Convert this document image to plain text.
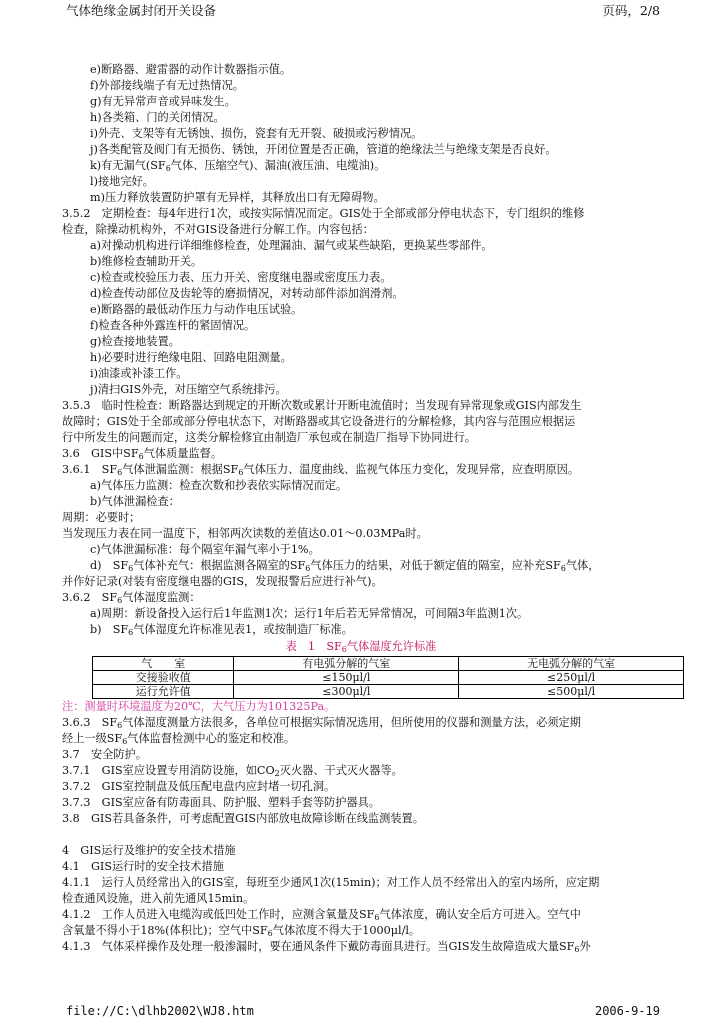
气体绝缘金属封闭开关设备	页码，2/8
e)断路器、避雷器的动作计数器指示值。
f)外部接线端子有无过热情况。
g)有无异常声音或异味发生。
h)各类箱、门的关闭情况。
i)外壳、支架等有无锈蚀、损伤，瓷套有无开裂、破损或污秽情况。
j)各类配管及阀门有无损伤、锈蚀，开闭位置是否正确，管道的绝缘法兰与绝缘支架是否良好。
k)有无漏气($SF_6$气体、压缩空气)、漏油(液压油、电缆油)。
l)接地完好。
m)压力释放装置防护罩有无异样，其释放出口有无障碍物。
3.5.2　定期检查：每4年进行1次，或按实际情况而定。GIS处于全部或部分停电状态下，专门组织的维修
检查，除操动机构外，不对GIS设备进行分解工作。内容包括：
a)对操动机构进行详细维修检查，处理漏油、漏气或某些缺陷，更换某些零部件。
b)维修检查辅助开关。
c)检查或校验压力表、压力开关、密度继电器或密度压力表。
d)检查传动部位及齿轮等的磨损情况，对转动部件添加润滑剂。
e)断路器的最低动作压力与动作电压试验。
f)检查各种外露连杆的紧固情况。
g)检查接地装置。
h)必要时进行绝缘电阻、回路电阻测量。
i)油漆或补漆工作。
j)清扫GIS外壳，对压缩空气系统排污。
3.5.3　临时性检查：断路器达到规定的开断次数或累计开断电流值时；当发现有异常现象或GIS内部发生
故障时；GIS处于全部或部分停电状态下，对断路器或其它设备进行的分解检修，其内容与范围应根据运
行中所发生的问题而定，这类分解检修宜由制造厂承包或在制造厂指导下协同进行。
3.6　GIS中$SF_6$气体质量监督。
3.6.1　$SF_6$气体泄漏监测：根据$SF_6$气体压力、温度曲线、监视气体压力变化，发现异常，应查明原因。
a)气体压力监测：检查次数和抄表依实际情况而定。
b)气体泄漏检查：
周期：必要时；
当发现压力表在同一温度下，相邻两次读数的差值达0.01～0.03MPa时。
c)气体泄漏标准：每个隔室年漏气率小于1%。
d)　$SF_6$气体补充气：根据监测各隔室的$SF_6$气体压力的结果，对低于额定值的隔室，应补充$SF_6$气体，
并作好记录(对装有密度继电器的GIS，发现报警后应进行补气)。
3.6.2　$SF_6$气体湿度监测：
a)周期：新设备投入运行后1年监测1次；运行1年后若无异常情况，可间隔3年监测1次。
b)　$SF_6$气体湿度允许标准见表1，或按制造厂标准。
表　1　$SF_6$气体湿度允许标准
气　　室	有电弧分解的气室	无电弧分解的气室
交接验收值	≤150μl/l	≤250μl/l
运行允许值	≤300μl/l	≤500μl/l
注：测量时环境温度为20℃，大气压力为101325Pa。
3.6.3　$SF_6$气体湿度测量方法很多，各单位可根据实际情况选用，但所使用的仪器和测量方法，必须定期
经上一级$SF_6$气体监督检测中心的鉴定和校准。
3.7　安全防护。
3.7.1　GIS室应设置专用消防设施，如$CO_2$灭火器、干式灭火器等。
3.7.2　GIS室控制盘及低压配电盘内应封堵一切孔洞。
3.7.3　GIS室应备有防毒面具、防护服、塑料手套等防护器具。
3.8　GIS若具备条件，可考虑配置GIS内部放电故障诊断在线监测装置。
4　GIS运行及维护的安全技术措施
4.1　GIS运行时的安全技术措施
4.1.1　运行人员经常出入的GIS室，每班至少通风1次(15min)；对工作人员不经常出入的室内场所，应定期
检查通风设施，进入前先通风15min。
4.1.2　工作人员进入电缆沟或低凹处工作时，应测含氧量及$SF_6$气体浓度，确认安全后方可进入。空气中
含氧量不得小于18%(体积比)；空气中$SF_6$气体浓度不得大于1000μl/l。
4.1.3　气体采样操作及处理一般渗漏时，要在通风条件下戴防毒面具进行。当GIS发生故障造成大量$SF_6$外
file://C:\dlhb2002\WJ8.htm	2006-9-19
